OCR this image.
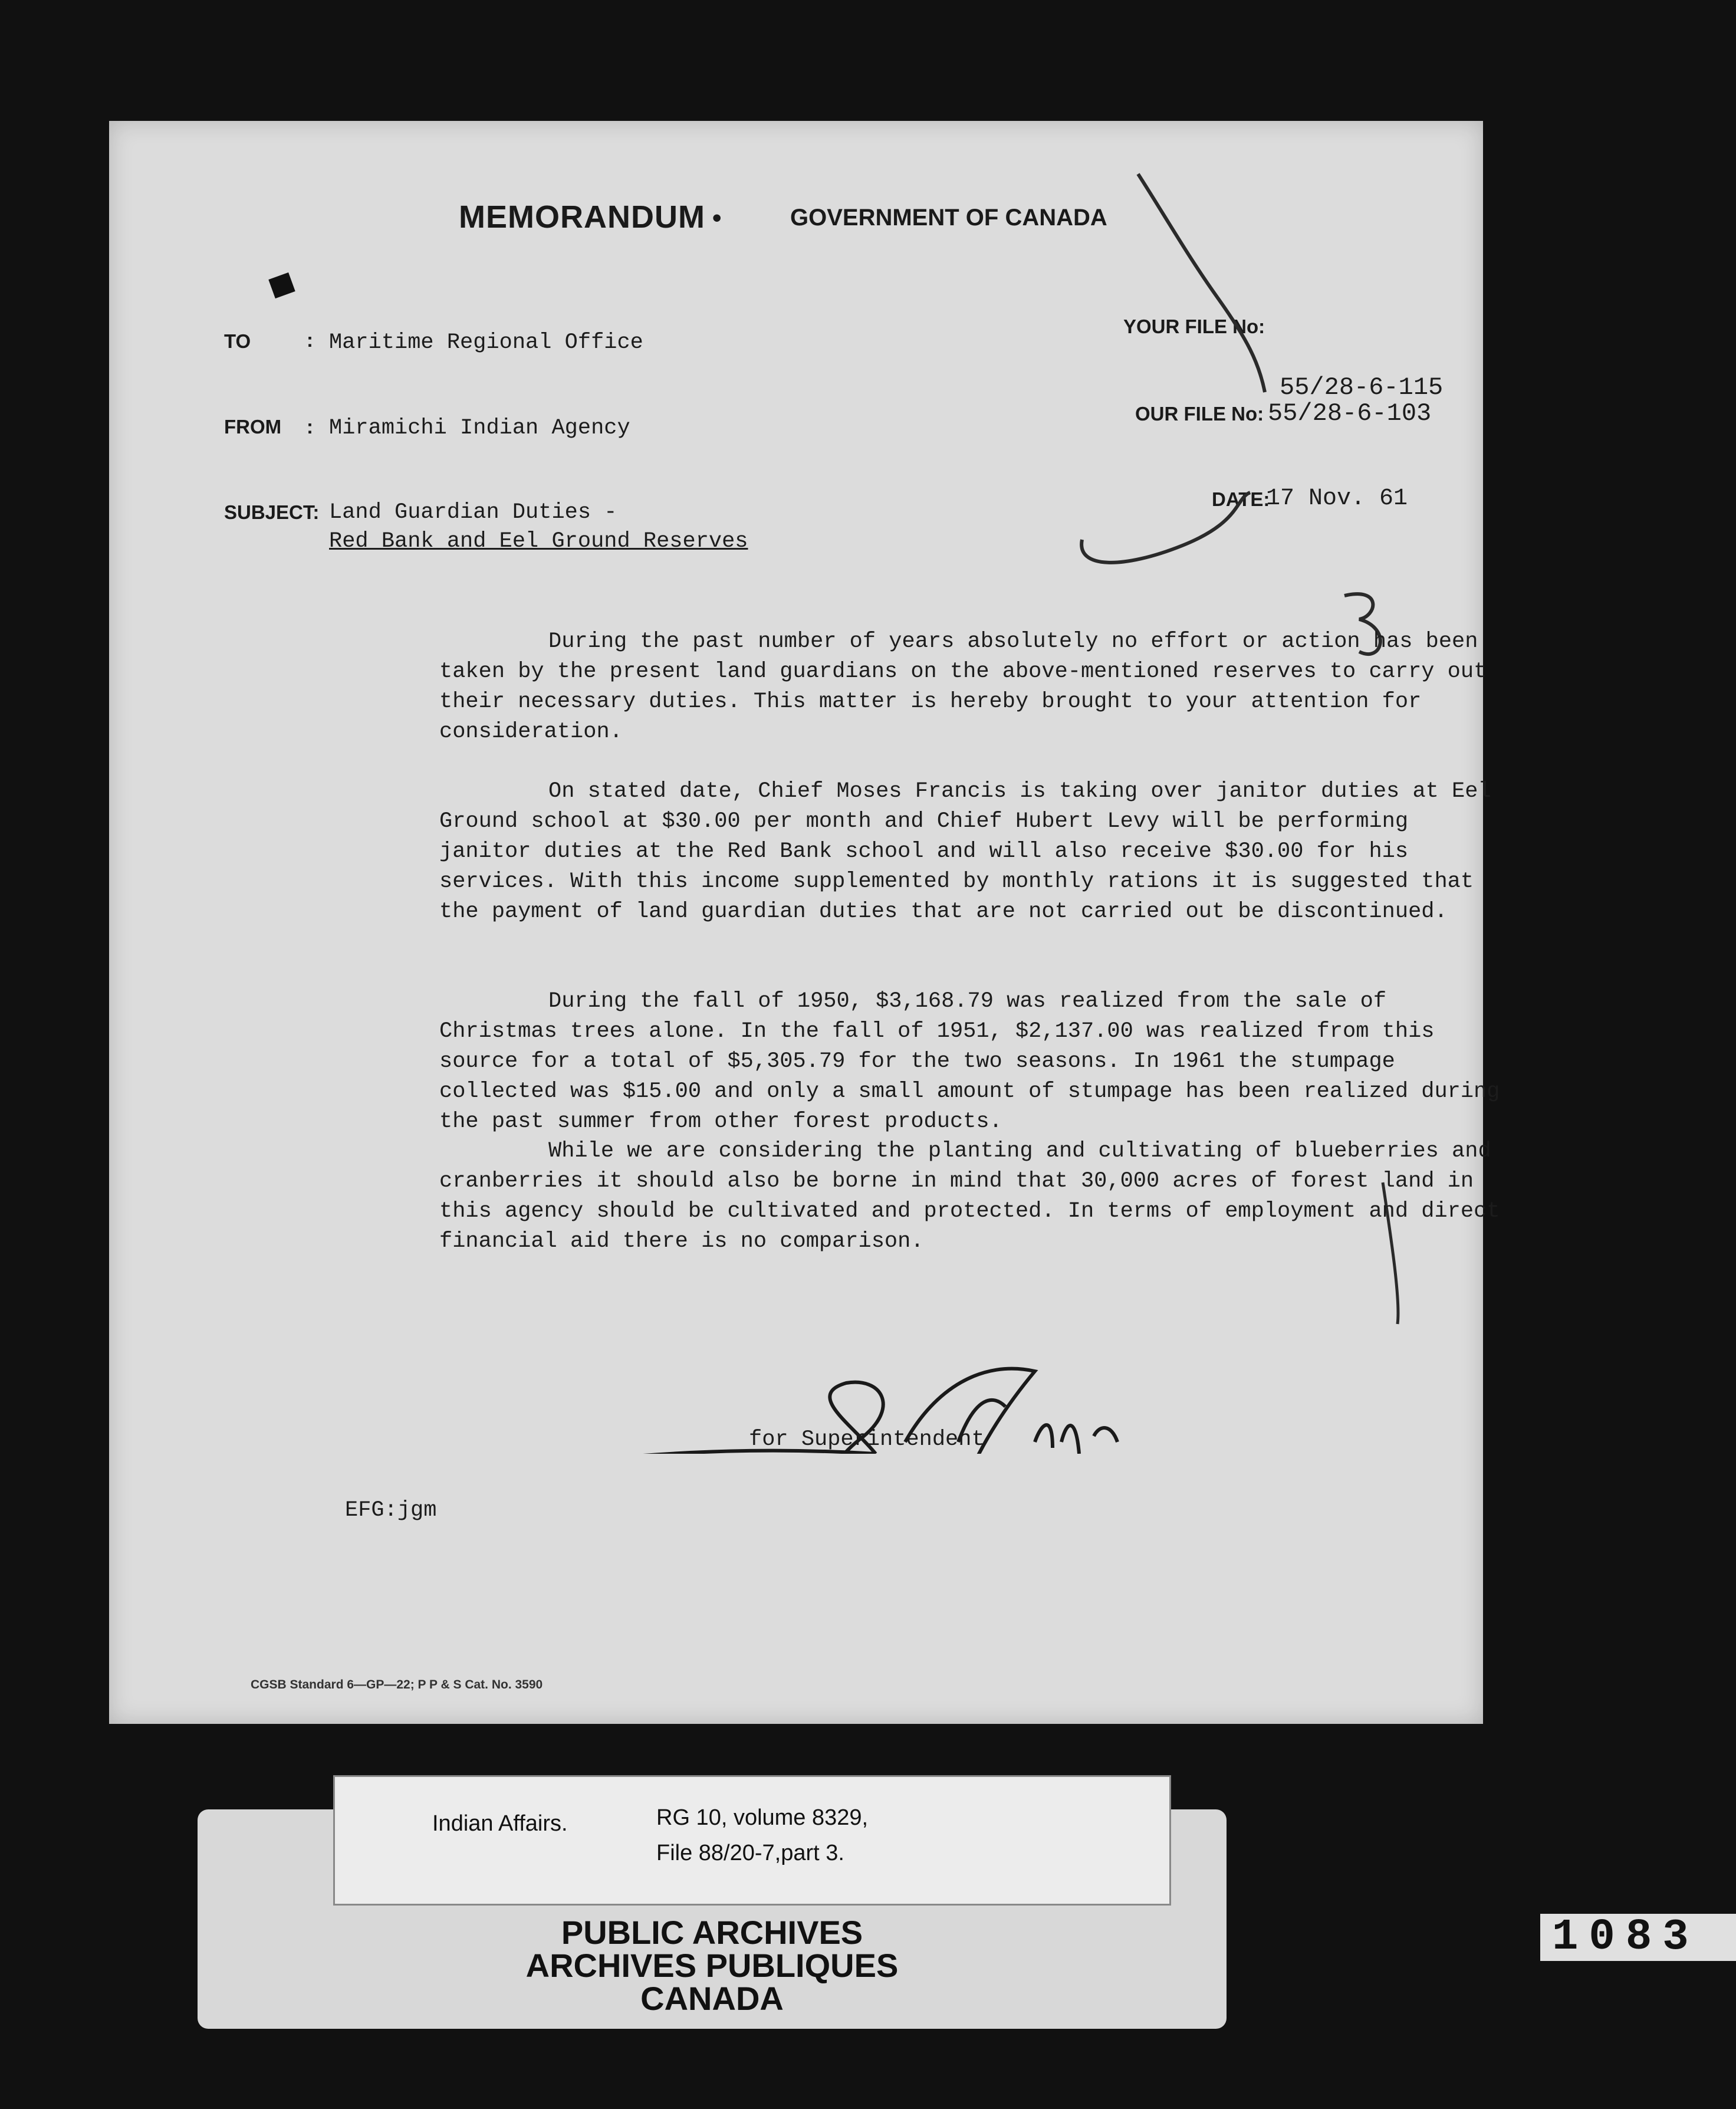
MEMORANDUM •	GOVERNMENT OF CANADA
TO	: Maritime Regional Office
FROM : Miramichi Indian Agency
SUBJECT: Land Guardian Duties -
Red Bank and Eel Ground Reserves
YOUR FILE No:
55/28-6-115
OUR FILE No: 55/28-6-103
DATE:
17 Nov. 61

During the past number of years absolutely no effort or action has been taken by the present land guardians on the above-mentioned reserves to carry out their necessary duties. This matter is hereby brought to your attention for consideration.

On stated date, Chief Moses Francis is taking over janitor duties at Eel Ground school at $30.00 per month and Chief Hubert Levy will be performing janitor duties at the Red Bank school and will also receive $30.00 for his services. With this income supplemented by monthly rations it is suggested that the payment of land guardian duties that are not carried out be discontinued.

During the fall of 1950, $3,168.79 was realized from the sale of Christmas trees alone. In the fall of 1951, $2,137.00 was realized from this source for a total of $5,305.79 for the two seasons. In 1961 the stumpage collected was $15.00 and only a small amount of stumpage has been realized during the past summer from other forest products.

While we are considering the planting and cultivating of blueberries and cranberries it should also be borne in mind that 30,000 acres of forest land in this agency should be cultivated and protected. In terms of employment and direct financial aid there is no comparison.

for Superintendent
EFG:jgm
CGSB Standard 6—GP—22; P P & S Cat. No. 3590
PUBLIC ARCHIVES
ARCHIVES PUBLIQUES
CANADA
Indian Affairs.	RG 10, volume 8329,
File 88/20-7,part 3.
1083
